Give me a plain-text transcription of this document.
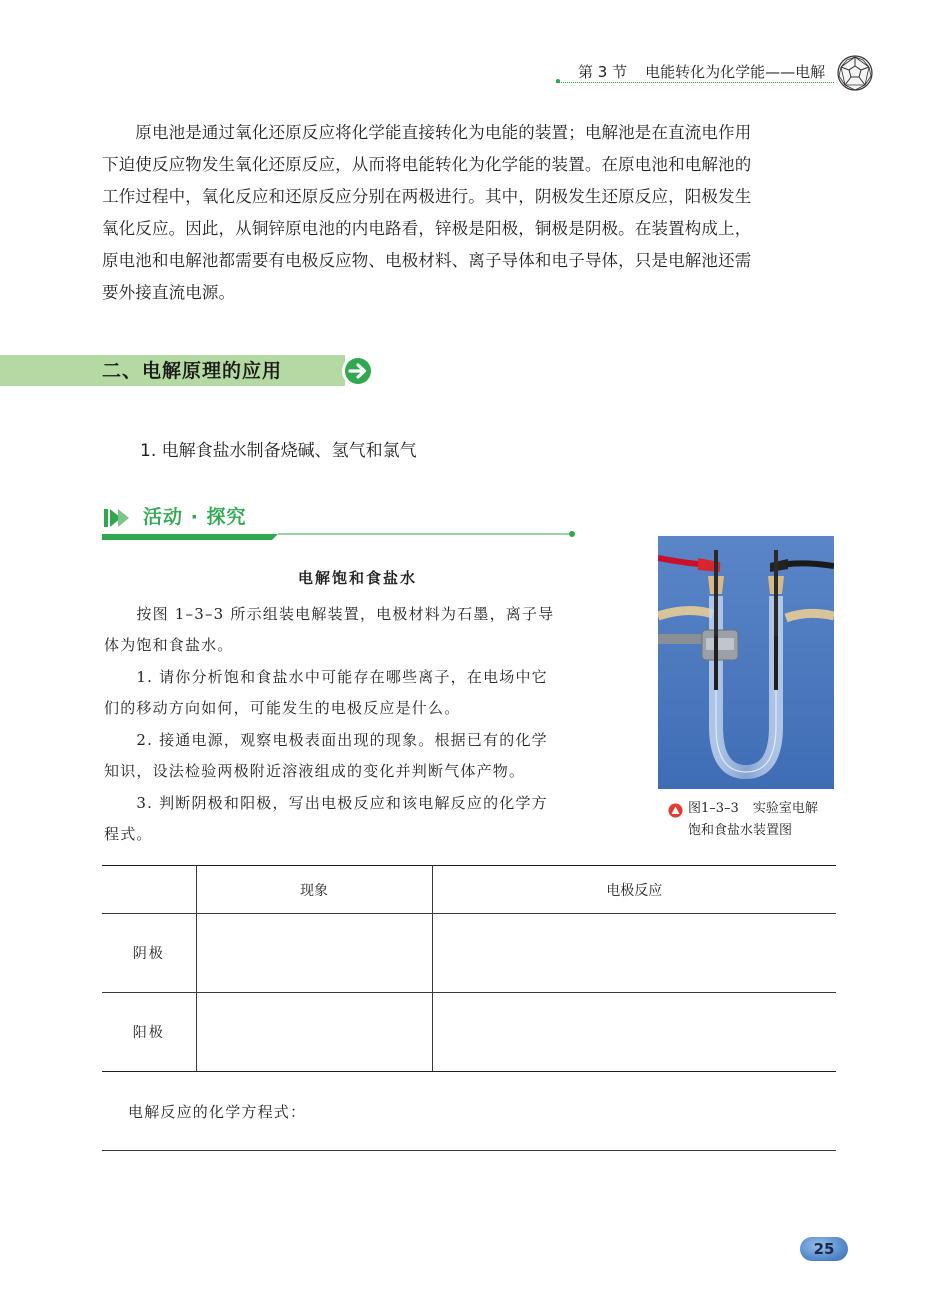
第 3 节 电能转化为化学能——电解
　　原电池是通过氧化还原反应将化学能直接转化为电能的装置；电解池是在直流电作用
下迫使反应物发生氧化还原反应，从而将电能转化为化学能的装置。在原电池和电解池的
工作过程中，氧化反应和还原反应分别在两极进行。其中，阴极发生还原反应，阳极发生
氧化反应。因此，从铜锌原电池的内电路看，锌极是阳极，铜极是阴极。在装置构成上，
原电池和电解池都需要有电极反应物、电极材料、离子导体和电子导体，只是电解池还需
要外接直流电源。
二、电解原理的应用
1. 电解食盐水制备烧碱、氢气和氯气
活动 · 探究
电解饱和食盐水
　　按图 1–3–3 所示组装电解装置，电极材料为石墨，离子导
体为饱和食盐水。
　　1. 请你分析饱和食盐水中可能存在哪些离子，在电场中它
们的移动方向如何，可能发生的电极反应是什么。
　　2. 接通电源，观察电极表面出现的现象。根据已有的化学
知识，设法检验两极附近溶液组成的变化并判断气体产物。
　　3. 判断阴极和阳极，写出电极反应和该电解反应的化学方
程式。
图1–3–3 实验室电解
饱和食盐水装置图
	现象	电极反应
阴极		
阳极		
电解反应的化学方程式：
25
